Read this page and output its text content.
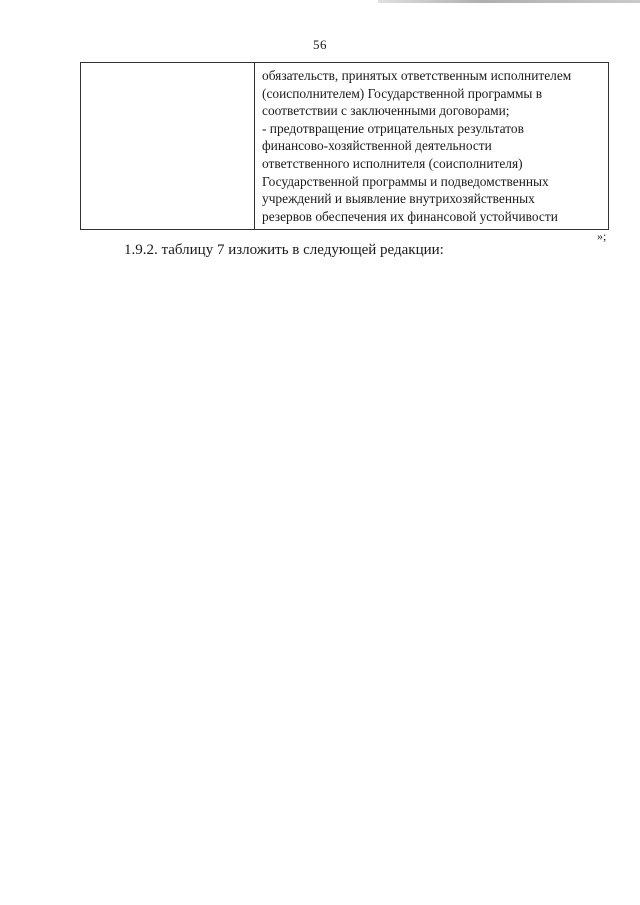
56
обязательств, принятых ответственным исполнителем
(соисполнителем) Государственной программы в
соответствии с заключенными договорами;
- предотвращение отрицательных результатов
финансово-хозяйственной деятельности
ответственного исполнителя (соисполнителя)
Государственной программы и подведомственных
учреждений и выявление внутрихозяйственных
резервов обеспечения их финансовой устойчивости
»;
1.9.2. таблицу 7 изложить в следующей редакции:
